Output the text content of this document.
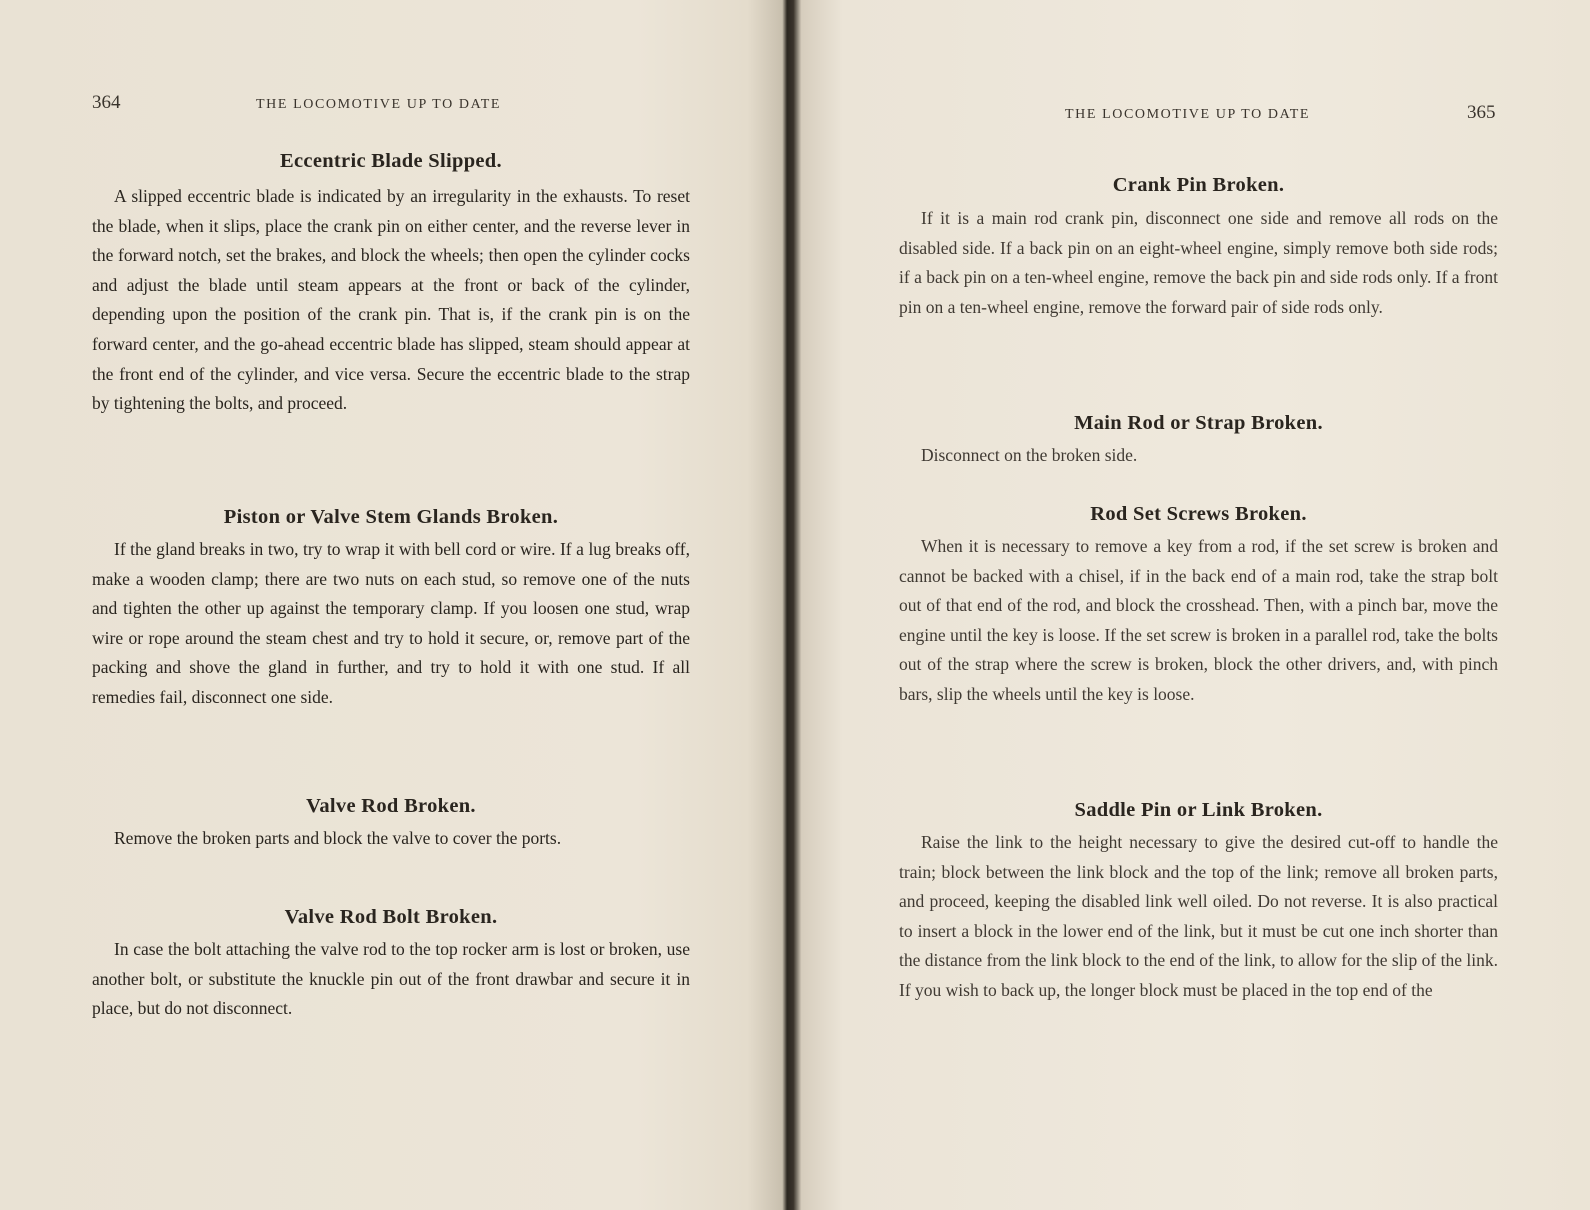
364	THE LOCOMOTIVE UP TO DATE
Eccentric Blade Slipped.
A slipped eccentric blade is indicated by an irregularity in the exhausts. To reset the blade, when it slips, place the crank pin on either center, and the reverse lever in the forward notch, set the brakes, and block the wheels; then open the cylinder cocks and adjust the blade until steam appears at the front or back of the cylinder, depending upon the position of the crank pin. That is, if the crank pin is on the forward center, and the go-ahead eccentric blade has slipped, steam should appear at the front end of the cylinder, and vice versa. Secure the eccentric blade to the strap by tightening the bolts, and proceed.
Piston or Valve Stem Glands Broken.
If the gland breaks in two, try to wrap it with bell cord or wire. If a lug breaks off, make a wooden clamp; there are two nuts on each stud, so remove one of the nuts and tighten the other up against the temporary clamp. If you loosen one stud, wrap wire or rope around the steam chest and try to hold it secure, or, remove part of the packing and shove the gland in further, and try to hold it with one stud. If all remedies fail, disconnect one side.
Valve Rod Broken.
Remove the broken parts and block the valve to cover the ports.
Valve Rod Bolt Broken.
In case the bolt attaching the valve rod to the top rocker arm is lost or broken, use another bolt, or substitute the knuckle pin out of the front drawbar and secure it in place, but do not disconnect.
THE LOCOMOTIVE UP TO DATE	365
Crank Pin Broken.
If it is a main rod crank pin, disconnect one side and remove all rods on the disabled side. If a back pin on an eight-wheel engine, simply remove both side rods; if a back pin on a ten-wheel engine, remove the back pin and side rods only. If a front pin on a ten-wheel engine, remove the forward pair of side rods only.
Main Rod or Strap Broken.
Disconnect on the broken side.
Rod Set Screws Broken.
When it is necessary to remove a key from a rod, if the set screw is broken and cannot be backed with a chisel, if in the back end of a main rod, take the strap bolt out of that end of the rod, and block the crosshead. Then, with a pinch bar, move the engine until the key is loose. If the set screw is broken in a parallel rod, take the bolts out of the strap where the screw is broken, block the other drivers, and, with pinch bars, slip the wheels until the key is loose.
Saddle Pin or Link Broken.
Raise the link to the height necessary to give the desired cut-off to handle the train; block between the link block and the top of the link; remove all broken parts, and proceed, keeping the disabled link well oiled. Do not reverse. It is also practical to insert a block in the lower end of the link, but it must be cut one inch shorter than the distance from the link block to the end of the link, to allow for the slip of the link. If you wish to back up, the longer block must be placed in the top end of the
